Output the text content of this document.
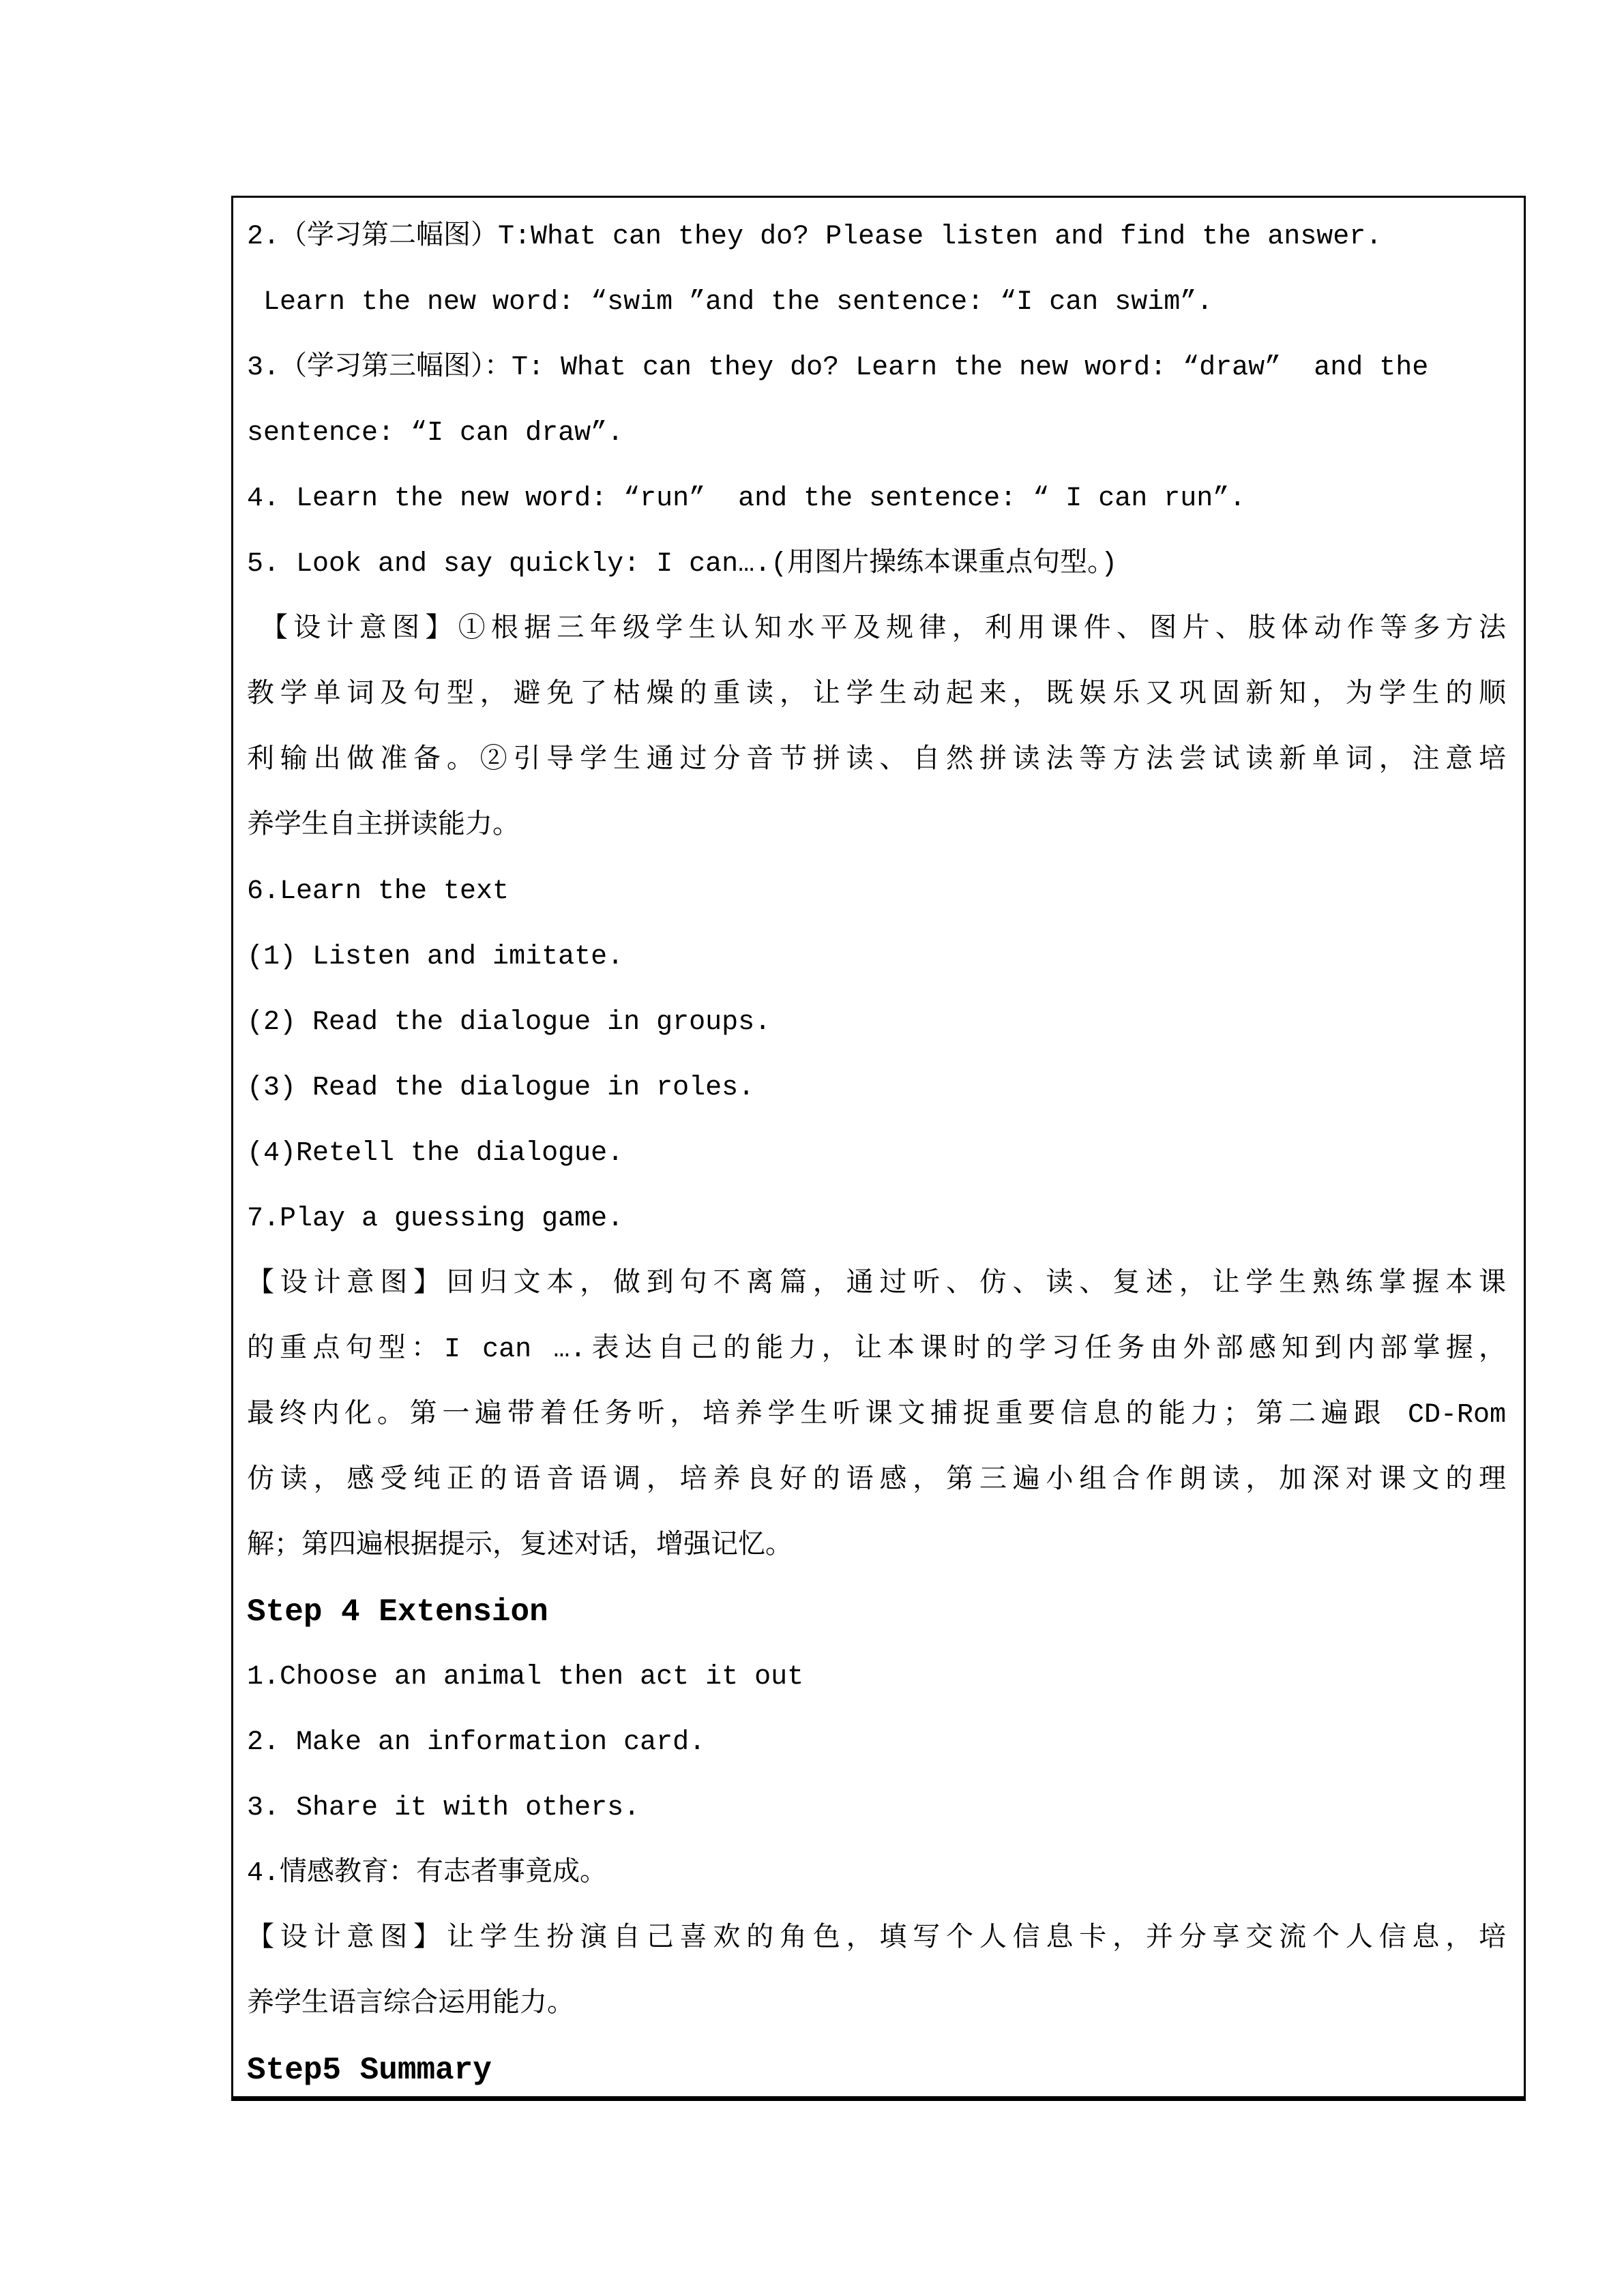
2.（学习第二幅图）T:What can they do? Please listen and find the answer.
Learn the new word: “swim ”and the sentence: “I can swim”.
3.（学习第三幅图）：T: What can they do? Learn the new word: “draw”  and the
sentence: “I can draw”.
4. Learn the new word: “run”  and the sentence: “ I can run”.
5. Look and say quickly: I can….(用图片操练本课重点句型。)
【设计意图】①根据三年级学生认知水平及规律，利用课件、图片、肢体动作等多方法
教学单词及句型，避免了枯燥的重读，让学生动起来，既娱乐又巩固新知，为学生的顺
利输出做准备。②引导学生通过分音节拼读、自然拼读法等方法尝试读新单词，注意培
养学生自主拼读能力。
6.Learn the text
(1) Listen and imitate.
(2) Read the dialogue in groups.
(3) Read the dialogue in roles.
(4)Retell the dialogue.
7.Play a guessing game.
【设计意图】回归文本，做到句不离篇，通过听、仿、读、复述，让学生熟练掌握本课
的重点句型：I can ….表达自己的能力，让本课时的学习任务由外部感知到内部掌握，
最终内化。第一遍带着任务听，培养学生听课文捕捉重要信息的能力；第二遍跟 CD-Rom
仿读，感受纯正的语音语调，培养良好的语感，第三遍小组合作朗读，加深对课文的理
解；第四遍根据提示，复述对话，增强记忆。
Step 4 Extension
1.Choose an animal then act it out
2. Make an information card.
3. Share it with others.
4.情感教育：有志者事竟成。
【设计意图】让学生扮演自己喜欢的角色，填写个人信息卡，并分享交流个人信息，培
养学生语言综合运用能力。
Step5 Summary
